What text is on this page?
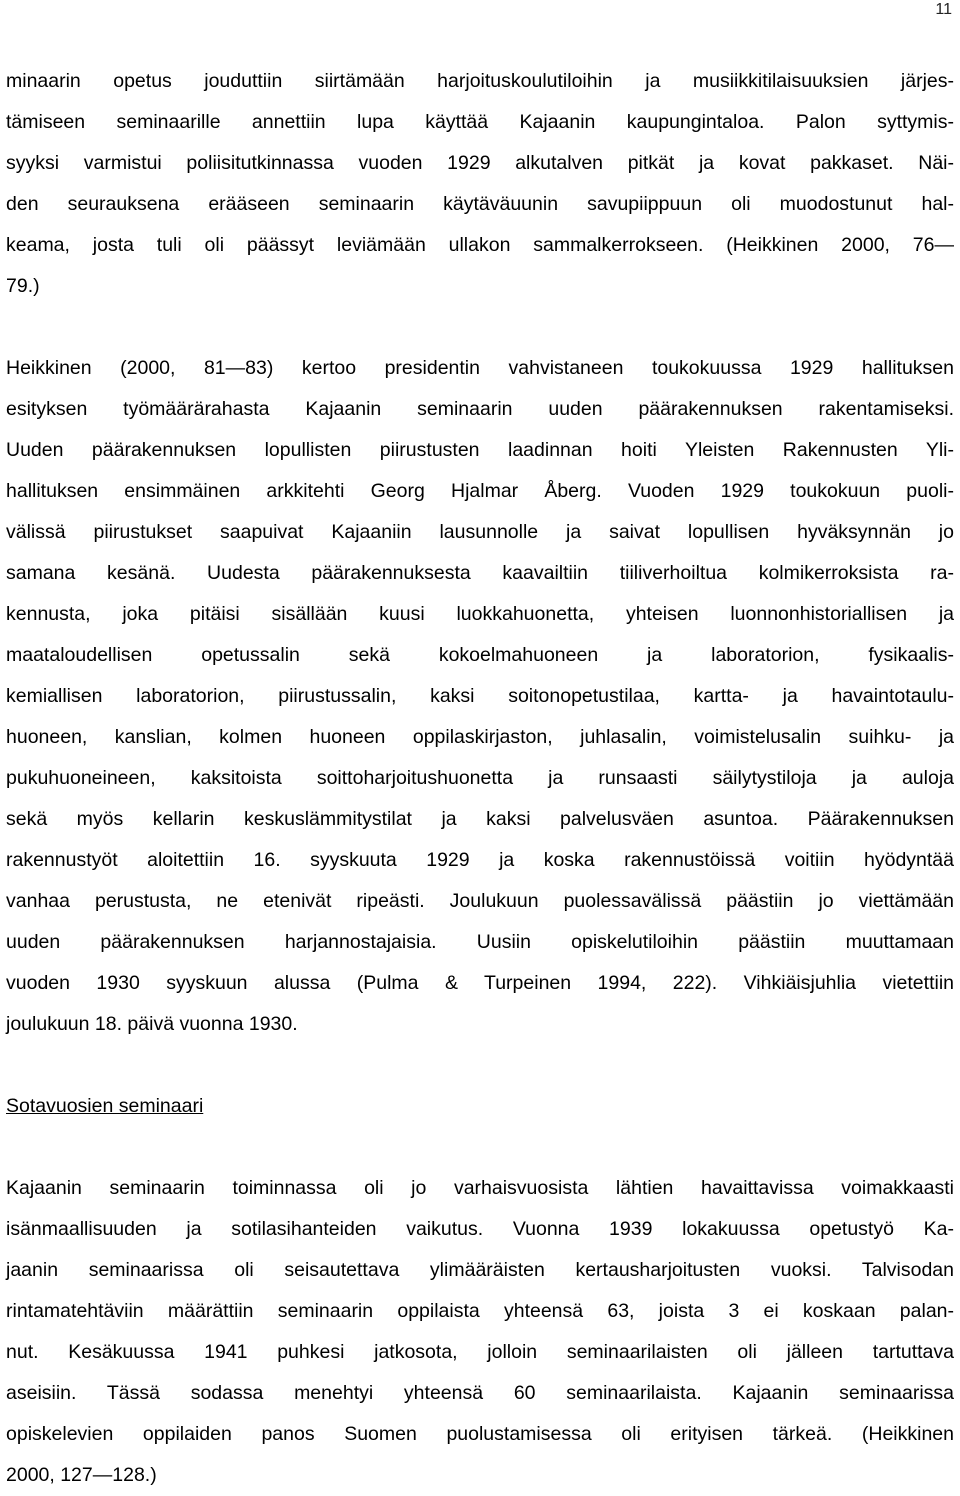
11
minaarin opetus jouduttiin siirtämään harjoituskoulutiloihin ja musiikkitilaisuuksien järjes-
tämiseen seminaarille annettiin lupa käyttää Kajaanin kaupungintaloa. Palon syttymis-
syyksi varmistui poliisitutkinnassa vuoden 1929 alkutalven pitkät ja kovat pakkaset. Näi-
den seurauksena erääseen seminaarin käytäväuunin savupiippuun oli muodostunut hal-
keama, josta tuli oli päässyt leviämään ullakon sammalkerrokseen. (Heikkinen 2000, 76—
79.)
Heikkinen (2000, 81—83) kertoo presidentin vahvistaneen toukokuussa 1929 hallituksen
esityksen työmäärärahasta Kajaanin seminaarin uuden päärakennuksen rakentamiseksi.
Uuden päärakennuksen lopullisten piirustusten laadinnan hoiti Yleisten Rakennusten Yli-
hallituksen ensimmäinen arkkitehti Georg Hjalmar Åberg. Vuoden 1929 toukokuun puoli-
välissä piirustukset saapuivat Kajaaniin lausunnolle ja saivat lopullisen hyväksynnän jo
samana kesänä. Uudesta päärakennuksesta kaavailtiin tiiliverhoiltua kolmikerroksista ra-
kennusta, joka pitäisi sisällään kuusi luokkahuonetta, yhteisen luonnonhistoriallisen ja
maataloudellisen opetussalin sekä kokoelmahuoneen ja laboratorion, fysikaalis-
kemiallisen laboratorion, piirustussalin, kaksi soitonopetustilaa, kartta- ja havaintotaulu-
huoneen, kanslian, kolmen huoneen oppilaskirjaston, juhlasalin, voimistelusalin suihku- ja
pukuhuoneineen, kaksitoista soittoharjoitushuonetta ja runsaasti säilytystiloja ja auloja
sekä myös kellarin keskuslämmitystilat ja kaksi palvelusväen asuntoa. Päärakennuksen
rakennustyöt aloitettiin 16. syyskuuta 1929 ja koska rakennustöissä voitiin hyödyntää
vanhaa perustusta, ne etenivät ripeästi. Joulukuun puolessavälissä päästiin jo viettämään
uuden päärakennuksen harjannostajaisia. Uusiin opiskelutiloihin päästiin muuttamaan
vuoden 1930 syyskuun alussa (Pulma & Turpeinen 1994, 222). Vihkiäisjuhlia vietettiin
joulukuun 18. päivä vuonna 1930.
Sotavuosien seminaari
Kajaanin seminaarin toiminnassa oli jo varhaisvuosista lähtien havaittavissa voimakkaasti
isänmaallisuuden ja sotilasihanteiden vaikutus. Vuonna 1939 lokakuussa opetustyö Ka-
jaanin seminaarissa oli seisautettava ylimääräisten kertausharjoitusten vuoksi. Talvisodan
rintamatehtäviin määrättiin seminaarin oppilaista yhteensä 63, joista 3 ei koskaan palan-
nut. Kesäkuussa 1941 puhkesi jatkosota, jolloin seminaarilaisten oli jälleen tartuttava
aseisiin. Tässä sodassa menehtyi yhteensä 60 seminaarilaista. Kajaanin seminaarissa
opiskelevien oppilaiden panos Suomen puolustamisessa oli erityisen tärkeä. (Heikkinen
2000, 127—128.)
